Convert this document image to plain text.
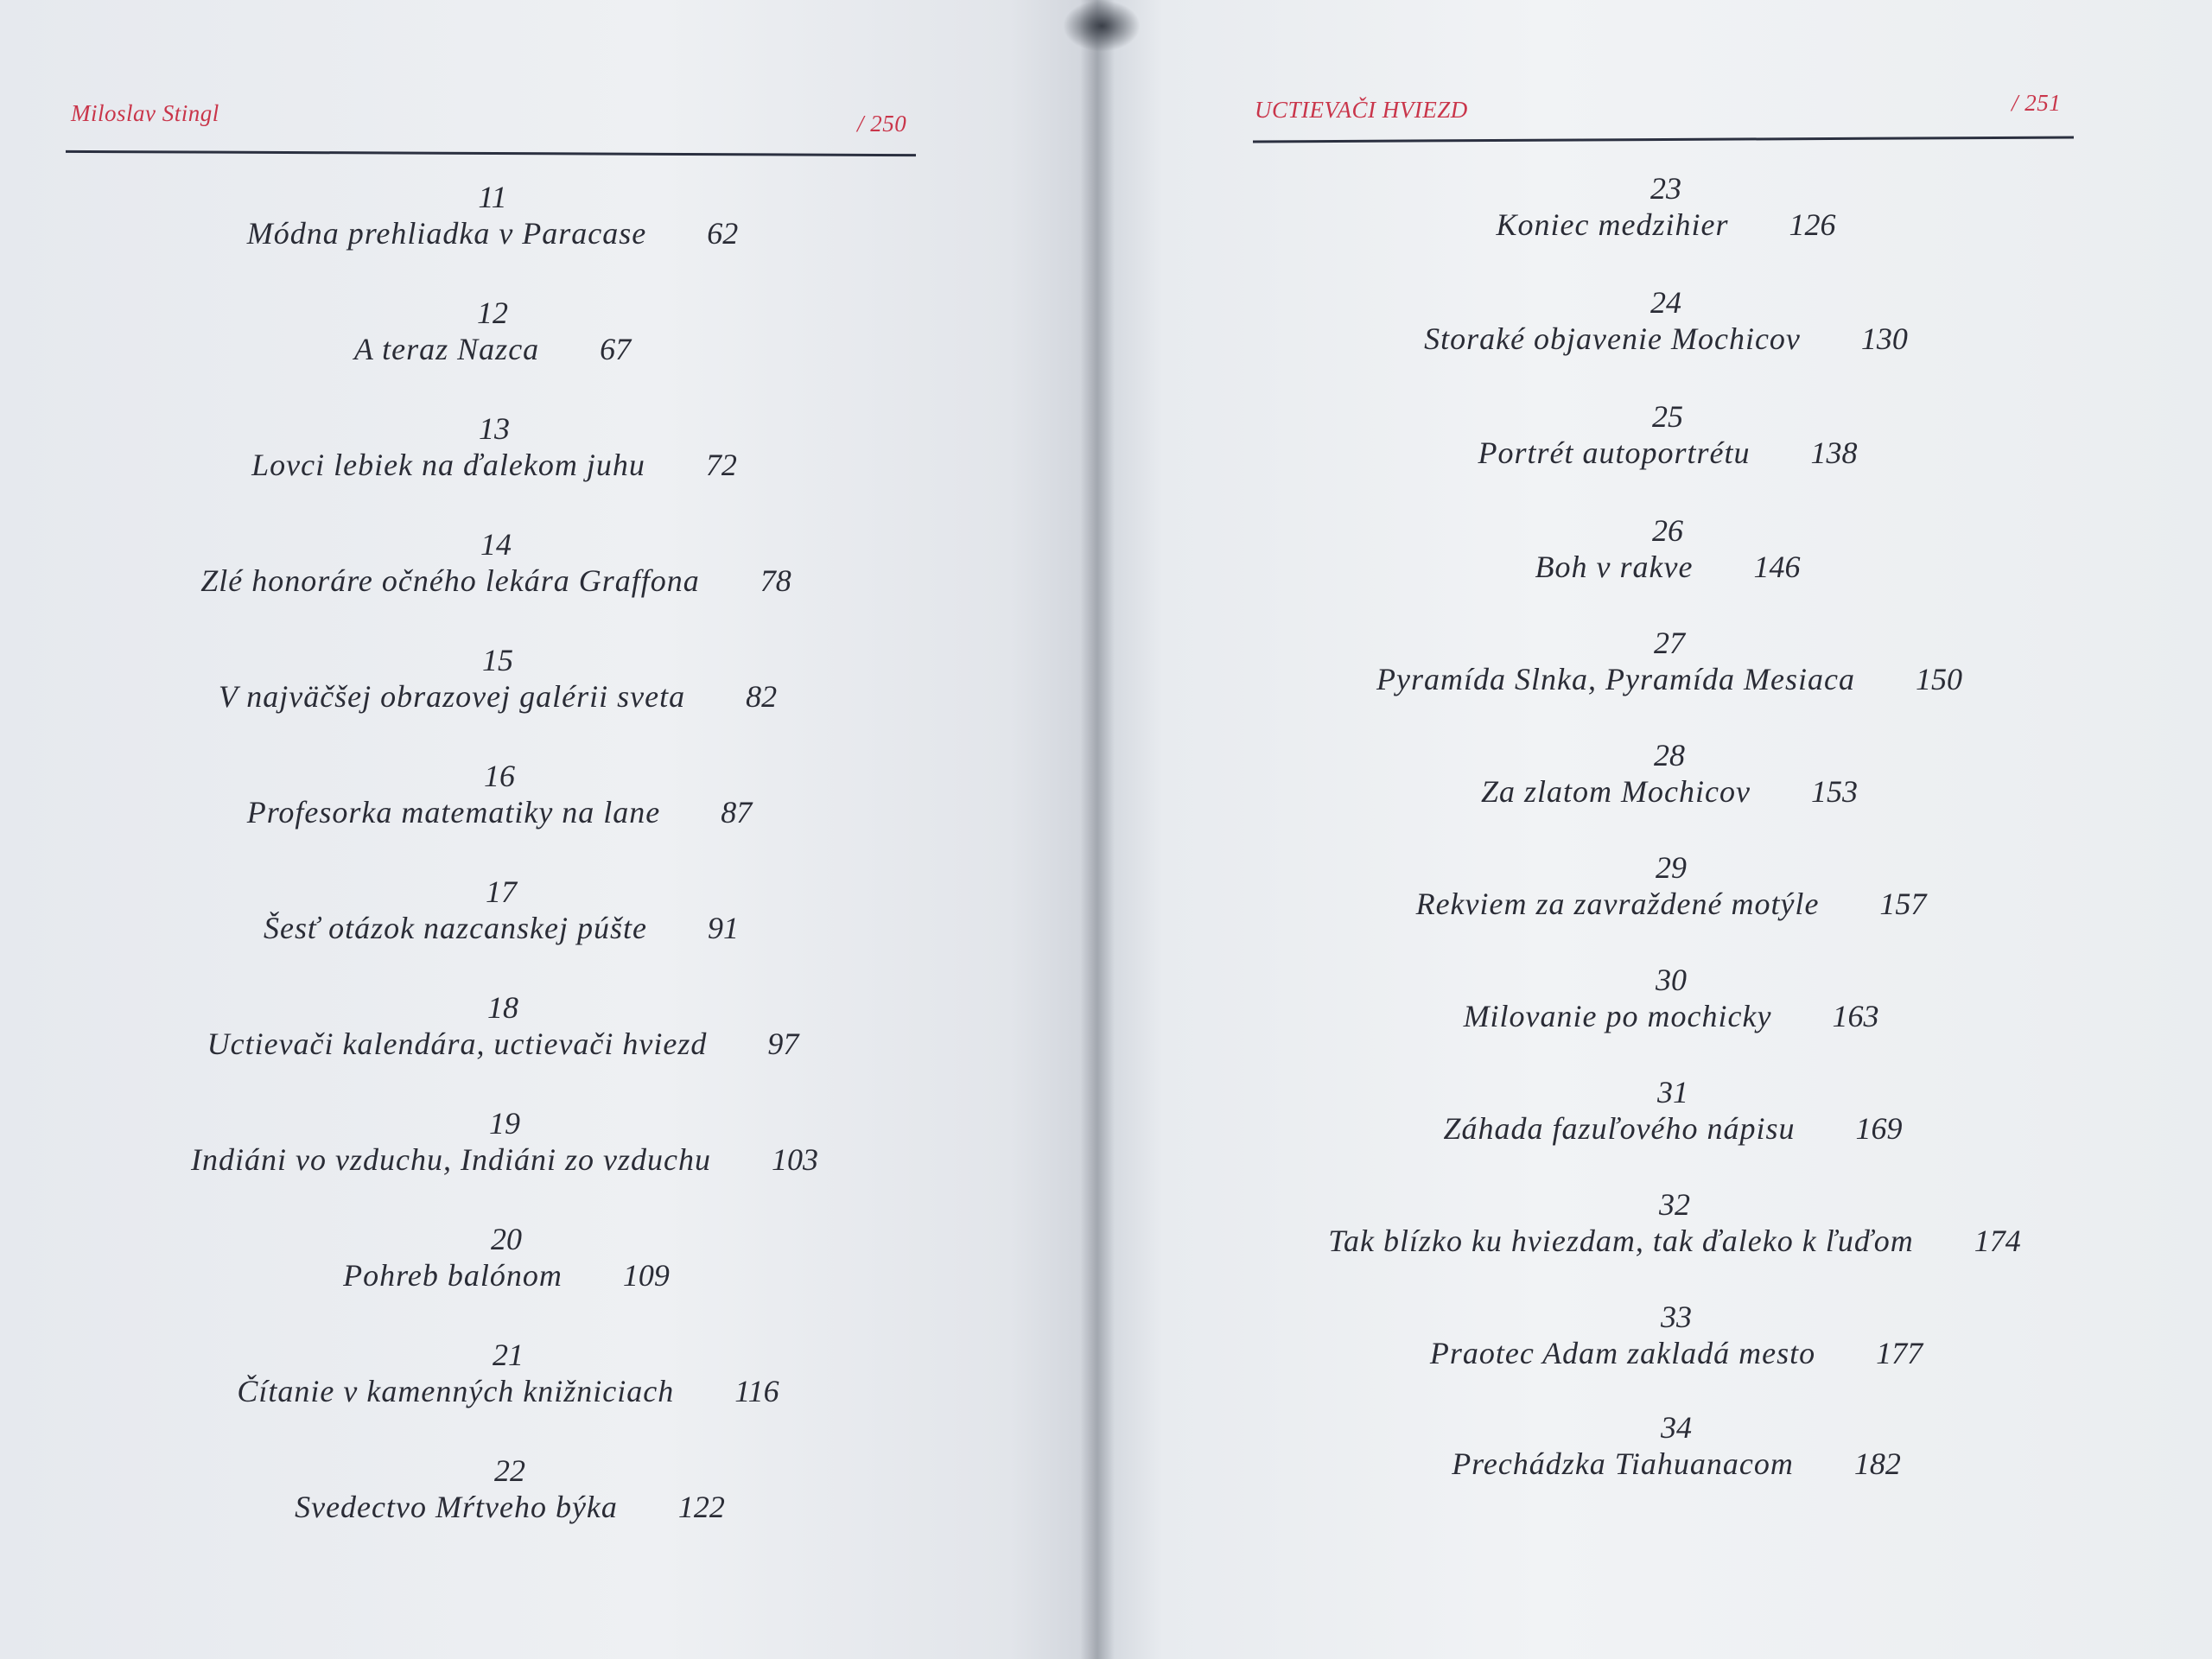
Miloslav Stingl	/ 250
11
Módna prehliadka v Paracase 62
12
A teraz Nazca 67
13
Lovci lebiek na ďalekom juhu 72
14
Zlé honoráre očného lekára Graffona 78
15
V najväčšej obrazovej galérii sveta 82
16
Profesorka matematiky na lane 87
17
Šesť otázok nazcanskej púšte 91
18
Uctievači kalendára, uctievači hviezd 97
19
Indiáni vo vzduchu, Indiáni zo vzduchu 103
20
Pohreb balónom 109
21
Čítanie v kamenných knižniciach 116
22
Svedectvo Mŕtveho býka 122
UCTIEVAČI HVIEZD	/ 251
23
Koniec medzihier 126
24
Storaké objavenie Mochicov 130
25
Portrét autoportrétu 138
26
Boh v rakve 146
27
Pyramída Slnka, Pyramída Mesiaca 150
28
Za zlatom Mochicov 153
29
Rekviem za zavraždené motýle 157
30
Milovanie po mochicky 163
31
Záhada fazuľového nápisu 169
32
Tak blízko ku hviezdam, tak ďaleko k ľuďom 174
33
Praotec Adam zakladá mesto 177
34
Prechádzka Tiahuanacom 182
